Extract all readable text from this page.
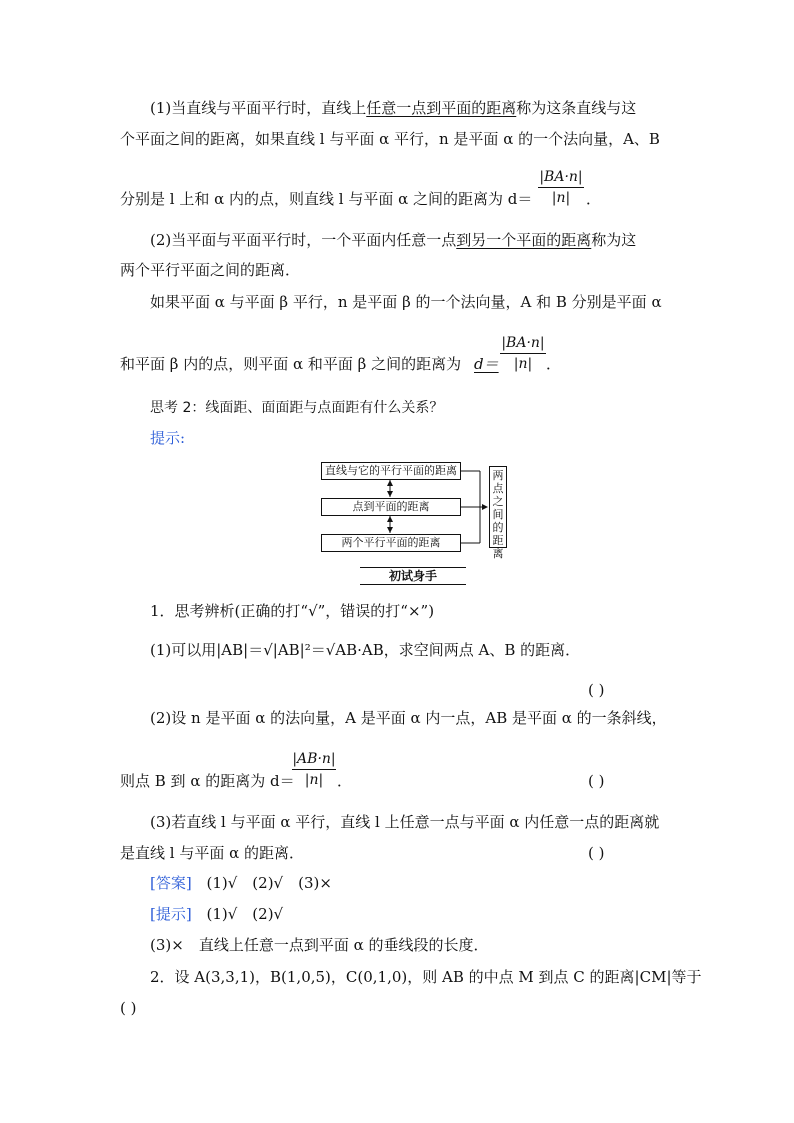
(1)当直线与平面平行时，直线上任意一点到平面的距离称为这条直线与这
个平面之间的距离，如果直线 l 与平面 α 平行，n 是平面 α 的一个法向量，A、B
分别是 l 上和 α 内的点，则直线 l 与平面 α 之间的距离为 d＝
|BA·n|
|n|	．
(2)当平面与平面平行时，一个平面内任意一点到另一个平面的距离称为这
两个平行平面之间的距离．
如果平面 α 与平面 β 平行，n 是平面 β 的一个法向量，A 和 B 分别是平面 α
和平面 β 内的点，则平面 α 和平面 β 之间的距离为 d＝
|BA·n|
|n| ．
思考 2：线面距、面面距与点面距有什么关系？
提示:
直线与它的平行平面的距离
点到平面的距离
两个平行平面的距离
两点之间的距离
初试身手
1．思考辨析(正确的打“√”，错误的打“×”)
(1)可以用|AB|＝√|AB|²＝√AB·AB，求空间两点 A、B 的距离．
( )
(2)设 n 是平面 α 的法向量，A 是平面 α 内一点，AB 是平面 α 的一条斜线，
则点 B 到 α 的距离为 d＝
|AB·n|
|n| ．	( )
(3)若直线 l 与平面 α 平行，直线 l 上任意一点与平面 α 内任意一点的距离就
是直线 l 与平面 α 的距离．	( )
[答案] (1)√　(2)√　(3)×
[提示] (1)√　(2)√
(3)×　直线上任意一点到平面 α 的垂线段的长度．
2．设 A(3,3,1)，B(1,0,5)，C(0,1,0)，则 AB 的中点 M 到点 C 的距离|CM|等于
( )
